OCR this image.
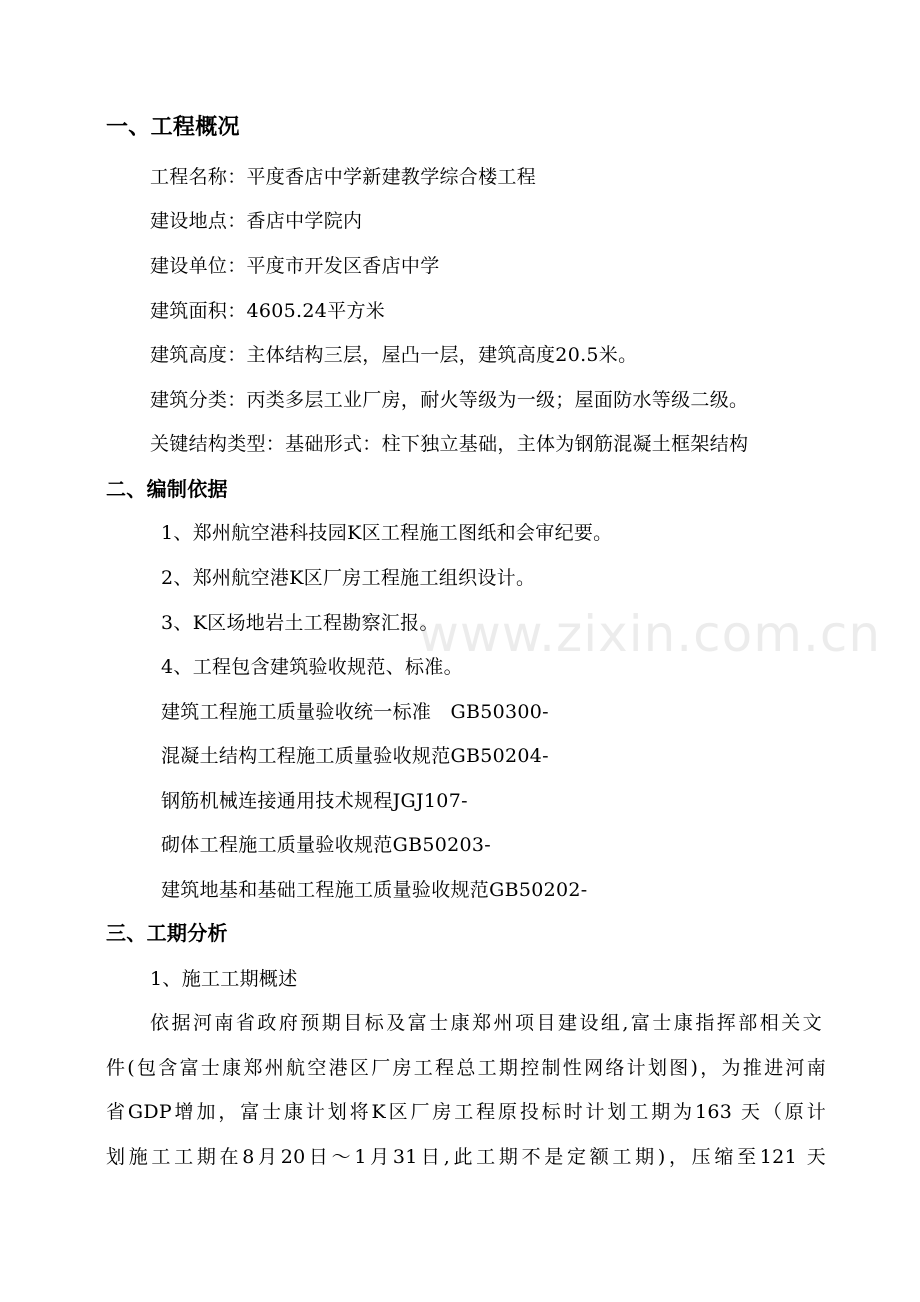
www.zixin.com.cn
一、工程概况
工程名称：平度香店中学新建教学综合楼工程
建设地点：香店中学院内
建设单位：平度市开发区香店中学
建筑面积：4605.24平方米
建筑高度：主体结构三层，屋凸一层，建筑高度20.5米。
建筑分类：丙类多层工业厂房，耐火等级为一级；屋面防水等级二级。
关键结构类型：基础形式：柱下独立基础，主体为钢筋混凝土框架结构
二、编制依据
1、郑州航空港科技园K区工程施工图纸和会审纪要。
2、郑州航空港K区厂房工程施工组织设计。
3、K区场地岩土工程勘察汇报。
4、工程包含建筑验收规范、标准。
建筑工程施工质量验收统一标准　GB50300-
混凝土结构工程施工质量验收规范GB50204-
钢筋机械连接通用技术规程JGJ107-
砌体工程施工质量验收规范GB50203-
建筑地基和基础工程施工质量验收规范GB50202-
三、工期分析
1、施工工期概述
依据河南省政府预期目标及富士康郑州项目建设组,富士康指挥部相关文
件(包含富士康郑州航空港区厂房工程总工期控制性网络计划图)，为推进河南
省GDP增加，富士康计划将K区厂房工程原投标时计划工期为163 天（原计
划施工工期在8月20日～1月31日,此工期不是定额工期)，压缩至121 天
